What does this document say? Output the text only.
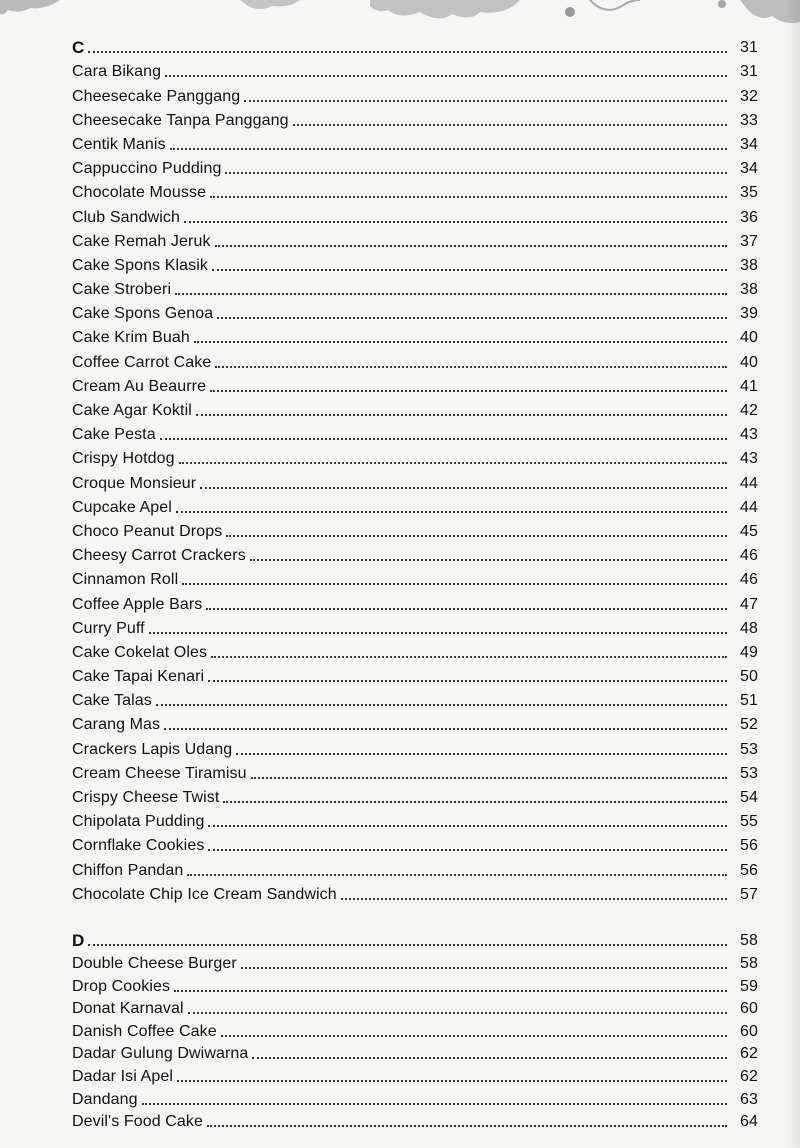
C	31
Cara Bikang	31
Cheesecake Panggang	32
Cheesecake Tanpa Panggang	33
Centik Manis	34
Cappuccino Pudding	34
Chocolate Mousse	35
Club Sandwich	36
Cake Remah Jeruk	37
Cake Spons Klasik	38
Cake Stroberi	38
Cake Spons Genoa	39
Cake Krim Buah	40
Coffee Carrot Cake	40
Cream Au Beaurre	41
Cake Agar Koktil	42
Cake Pesta	43
Crispy Hotdog	43
Croque Monsieur	44
Cupcake Apel	44
Choco Peanut Drops	45
Cheesy Carrot Crackers	46
Cinnamon Roll	46
Coffee Apple Bars	47
Curry Puff	48
Cake Cokelat Oles	49
Cake Tapai Kenari	50
Cake Talas	51
Carang Mas	52
Crackers Lapis Udang	53
Cream Cheese Tiramisu	53
Crispy Cheese Twist	54
Chipolata Pudding	55
Cornflake Cookies	56
Chiffon Pandan	56
Chocolate Chip Ice Cream Sandwich	57
D	58
Double Cheese Burger	58
Drop Cookies	59
Donat Karnaval	60
Danish Coffee Cake	60
Dadar Gulung Dwiwarna	62
Dadar Isi Apel	62
Dandang	63
Devil's Food Cake	64
